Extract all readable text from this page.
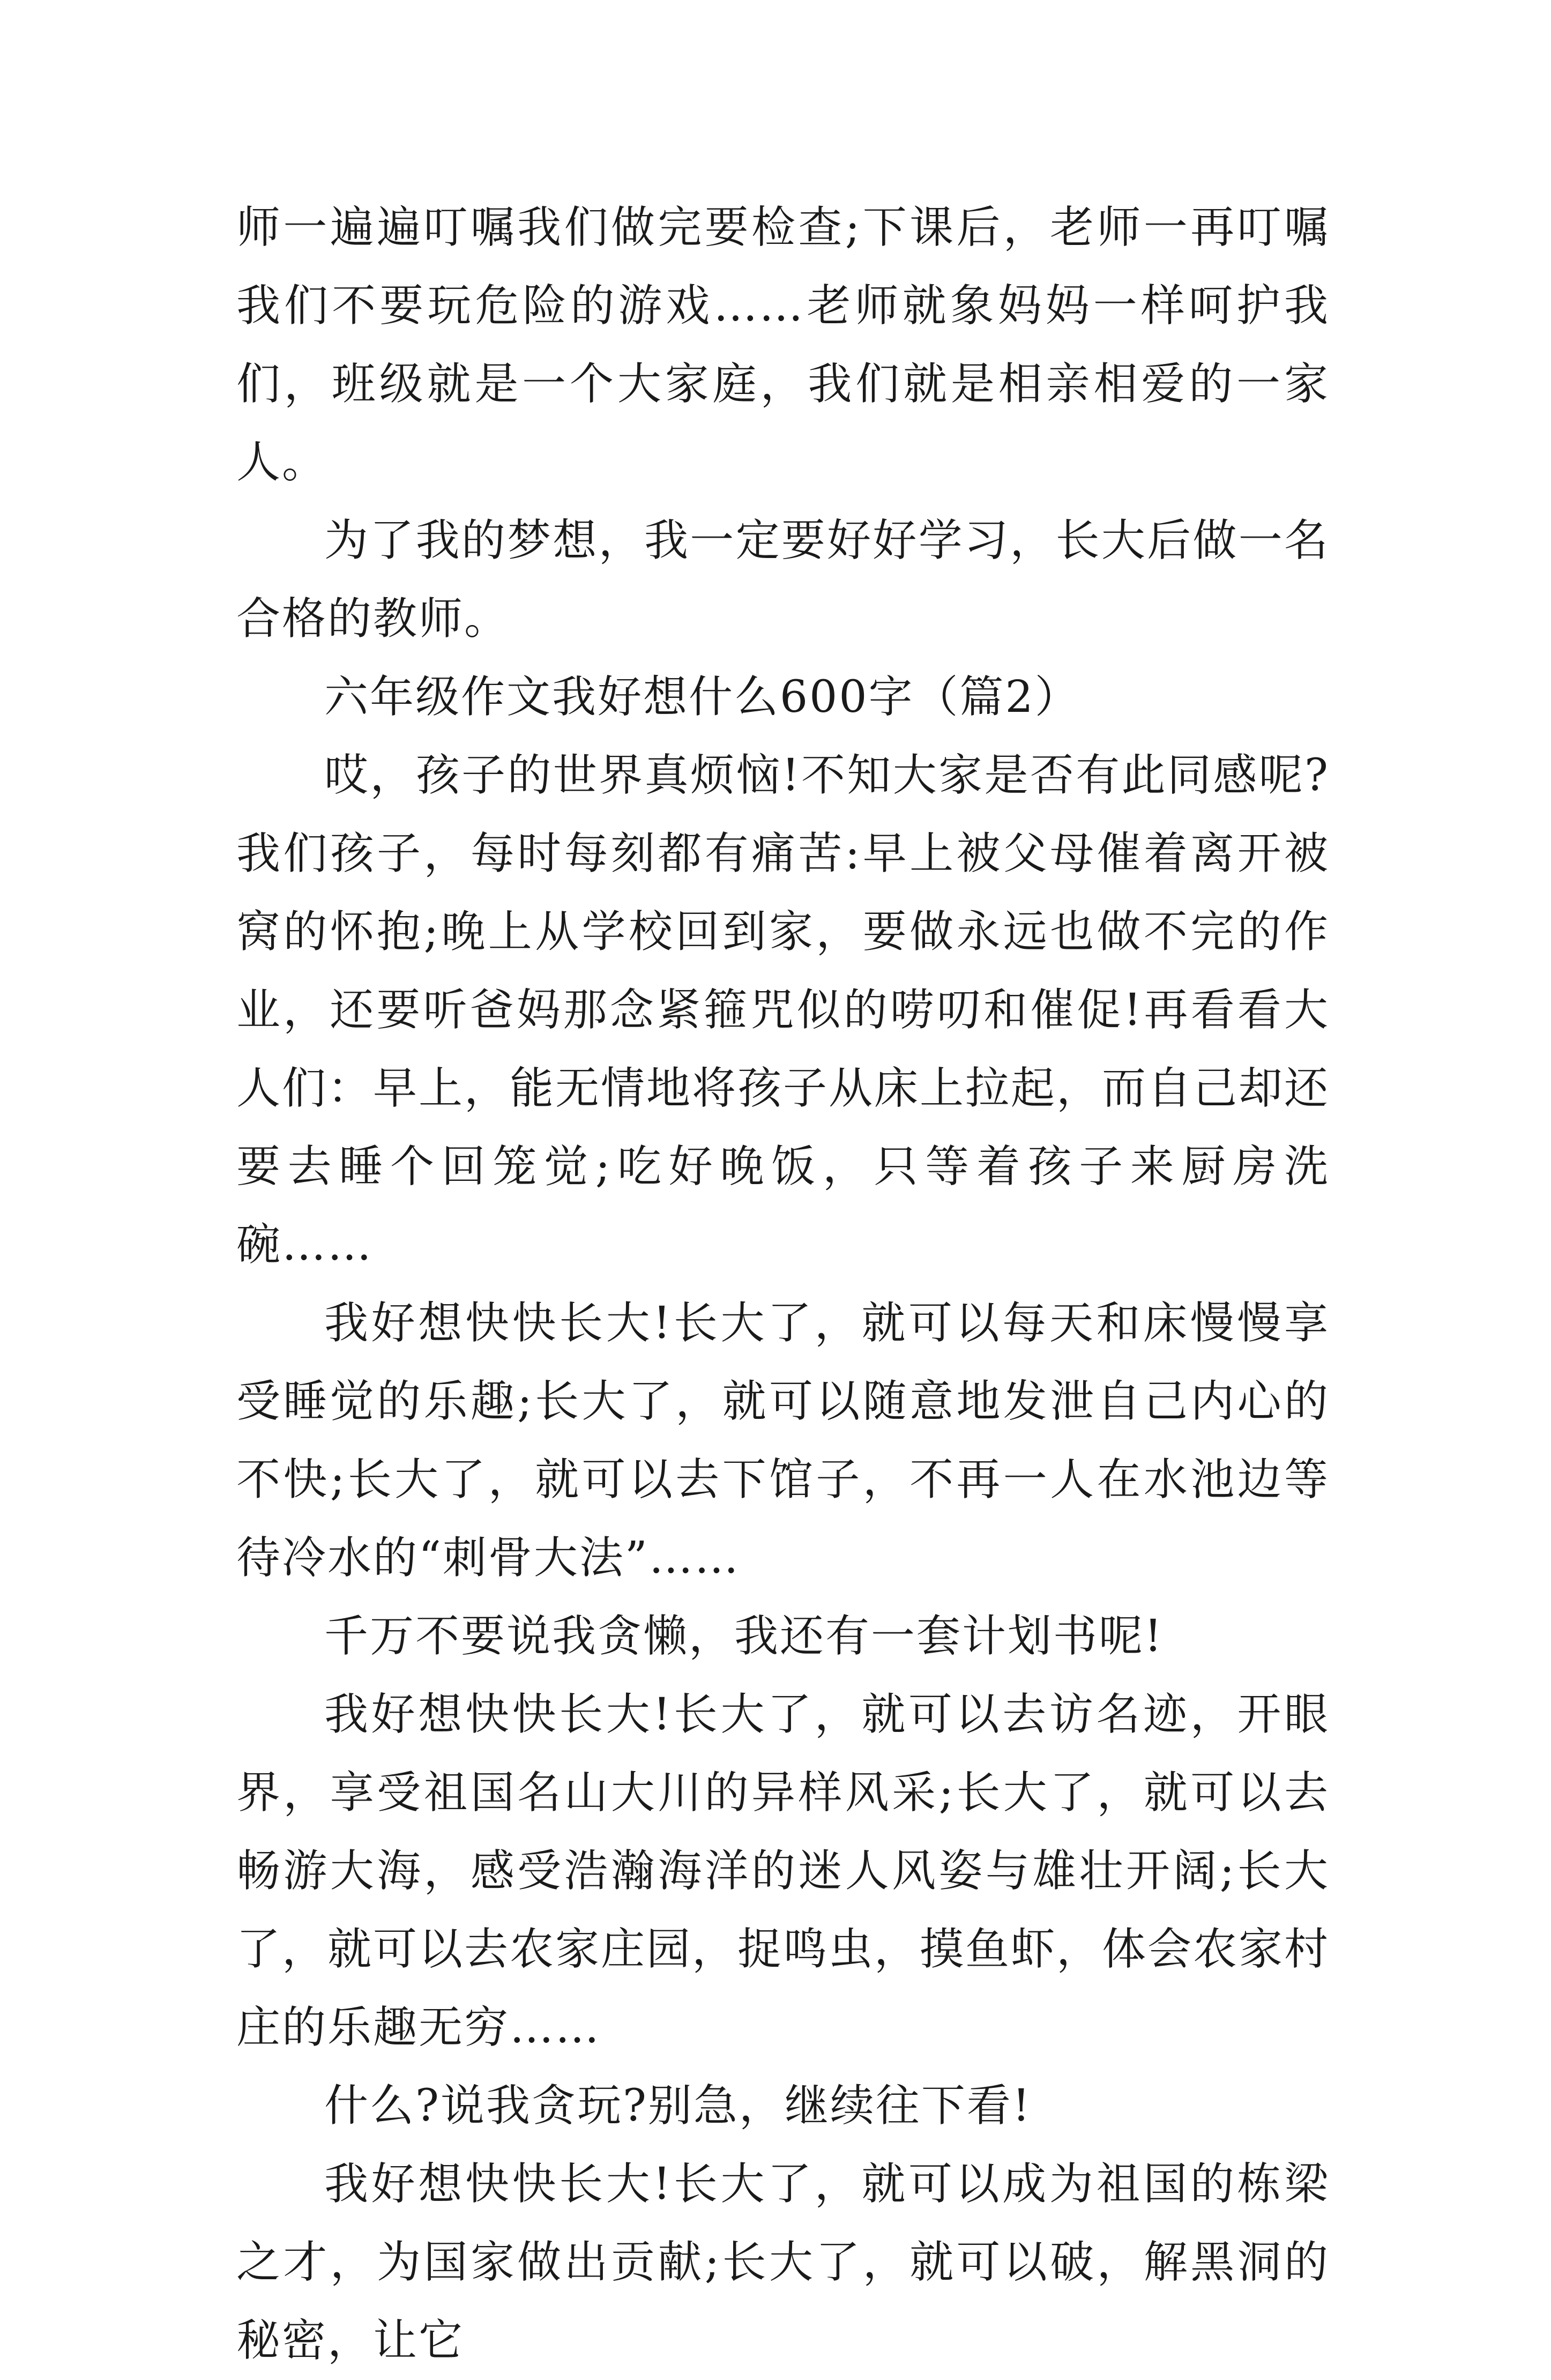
师一遍遍叮嘱我们做完要检查;下课后，老师一再叮嘱我们不要玩危险的游戏……老师就象妈妈一样呵护我们，班级就是一个大家庭，我们就是相亲相爱的一家人。

为了我的梦想，我一定要好好学习，长大后做一名合格的教师。

六年级作文我好想什么600字（篇2）

哎，孩子的世界真烦恼!不知大家是否有此同感呢?我们孩子，每时每刻都有痛苦:早上被父母催着离开被窝的怀抱;晚上从学校回到家，要做永远也做不完的作业，还要听爸妈那念紧箍咒似的唠叨和催促!再看看大人们：早上，能无情地将孩子从床上拉起，而自己却还要去睡个回笼觉;吃好晚饭，只等着孩子来厨房洗碗……

我好想快快长大!长大了，就可以每天和床慢慢享受睡觉的乐趣;长大了，就可以随意地发泄自己内心的不快;长大了，就可以去下馆子，不再一人在水池边等待冷水的“刺骨大法”……

千万不要说我贪懒，我还有一套计划书呢!

我好想快快长大!长大了，就可以去访名迹，开眼界，享受祖国名山大川的异样风采;长大了，就可以去畅游大海，感受浩瀚海洋的迷人风姿与雄壮开阔;长大了，就可以去农家庄园，捉鸣虫，摸鱼虾，体会农家村庄的乐趣无穷……

什么?说我贪玩?别急，继续往下看!

我好想快快长大!长大了，就可以成为祖国的栋梁之才，为国家做出贡献;长大了，就可以破，解黑洞的秘密，让它
